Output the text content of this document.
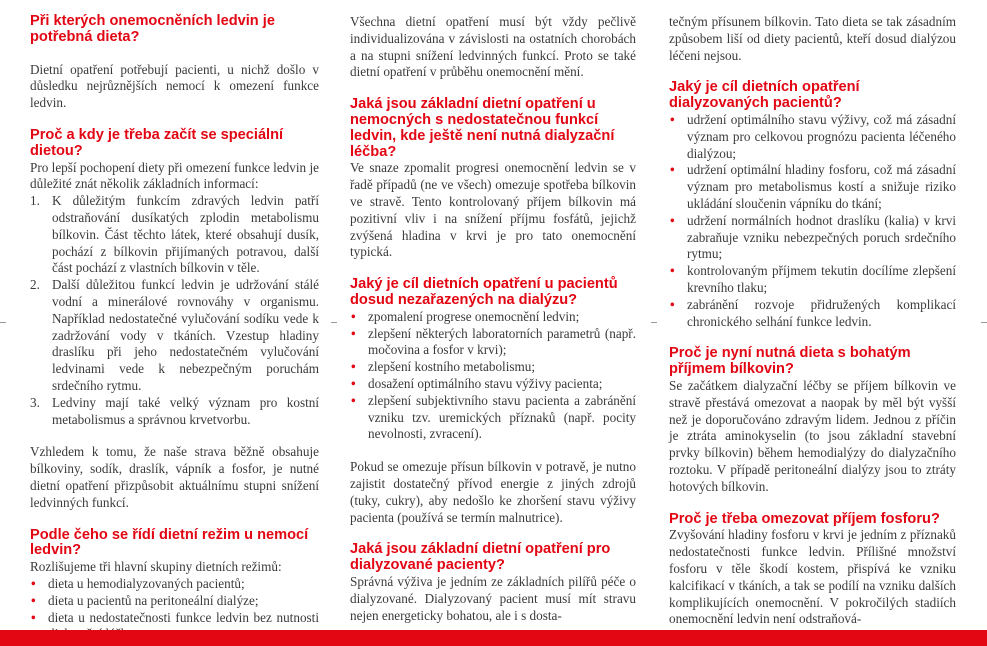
Při kterých onemocněních ledvin je potřebná dieta?

Dietní opatření potřebují pacienti, u nichž došlo v důsledku nejrůznějších nemocí k omezení funkce ledvin.

Proč a kdy je třeba začít se speciální dietou?

Pro lepší pochopení diety při omezení funkce ledvin je důležité znát několik základních informací:

1. K důležitým funkcím zdravých ledvin patří odstraňování dusíkatých zplodin metabolismu bílkovin. Část těchto látek, které obsahují dusík, pochází z bílkovin přijímaných potravou, další část pochází z vlastních bílkovin v těle.
2. Další důležitou funkcí ledvin je udržování stálé vodní a minerálové rovnováhy v organismu. Například nedostatečné vylučování sodíku vede k zadržování vody v tkáních. Vzestup hladiny draslíku při jeho nedostatečném vylučování ledvinami vede k nebezpečným poruchám srdečního rytmu.
3. Ledviny mají také velký význam pro kostní metabolismus a správnou krvetvorbu.

Vzhledem k tomu, že naše strava běžně obsahuje bílkoviny, sodík, draslík, vápník a fosfor, je nutné dietní opatření přizpůsobit aktuálnímu stupni snížení ledvinných funkcí.

Podle čeho se řídí dietní režim u nemocí ledvin?

Rozlišujeme tři hlavní skupiny dietních režimů:

• dieta u hemodialyzovaných pacientů;
• dieta u pacientů na peritoneální dialýze;
• dieta u nedostatečnosti funkce ledvin bez nutnosti

Všechna dietní opatření musí být vždy pečlivě individualizována v závislosti na ostatních chorobách a na stupni snížení ledvinných funkcí. Proto se také dietní opatření v průběhu onemocnění mění.

Jaká jsou základní dietní opatření u nemocných s nedostatečnou funkcí ledvin, kde ještě není nutná dialyzační léčba?

Ve snaze zpomalit progresi onemocnění ledvin se v řadě případů (ne ve všech) omezuje spotřeba bílkovin ve stravě. Tento kontrolovaný příjem bílkovin má pozitivní vliv i na snížení příjmu fosfátů, jejichž zvýšená hladina v krvi je pro tato onemocnění typická.

Jaký je cíl dietních opatření u pacientů dosud nezařazených na dialýzu?
• zpomalení progrese onemocnění ledvin;
• zlepšení některých laboratorních parametrů (např. močovina a fosfor v krvi);
• zlepšení kostního metabolismu;
• dosažení optimálního stavu výživy pacienta;
• zlepšení subjektivního stavu pacienta a zabránění vzniku tzv. uremických příznaků (např. pocity nevolnosti, zvracení).

Pokud se omezuje přísun bílkovin v potravě, je nutno zajistit dostatečný přívod energie z jiných zdrojů (tuky, cukry), aby nedošlo ke zhoršení stavu výživy pacienta (používá se termín malnutrice).

Jaká jsou základní dietní opatření pro dialyzované pacienty?

Správná výživa je jedním ze základních pilířů péče o dialyzované. Dialyzovaný pacient musí mít stravu nejen energeticky bohatou, ale i s dosta-

tečným přísunem bílkovin. Tato dieta se tak zásadním způsobem liší od diety pacientů, kteří dosud dialýzou léčeni nejsou.

Jaký je cíl dietních opatření dialyzovaných pacientů?
• udržení optimálního stavu výživy, což má zásadní význam pro celkovou prognózu pacienta léčeného dialýzou;
• udržení optimální hladiny fosforu, což má zásadní význam pro metabolismus kostí a snižuje riziko ukládání sloučenin vápníku do tkání;
• udržení normálních hodnot draslíku (kalia) v krvi zabraňuje vzniku nebezpečných poruch srdečního rytmu;
• kontrolovaným příjmem tekutin docílíme zlepšení krevního tlaku;
• zabránění rozvoje přidružených komplikací chronického selhání funkce ledvin.
Proč je nyní nutná dieta s bohatým příjmem bílkovin?

Se začátkem dialyzační léčby se příjem bílkovin ve stravě přestává omezovat a naopak by měl být vyšší než je doporučováno zdravým lidem. Jednou z příčin je ztráta aminokyselin (to jsou základní stavební prvky bílkovin) během hemodialýzy do dialyzačního roztoku. V případě peritoneální dialýzy jsou to ztráty hotových bílkovin.

Proč je třeba omezovat příjem fosforu?

Zvyšování hladiny fosforu v krvi je jedním z příznaků nedostatečnosti funkce ledvin. Přílišné množství fosforu v těle škodí kostem, přispívá ke vzniku kalcifikací v tkáních, a tak se podílí na vzniku dalších komplikujících onemocnění. V pokročilých stadiích onemocnění ledvin není odstraňová-
